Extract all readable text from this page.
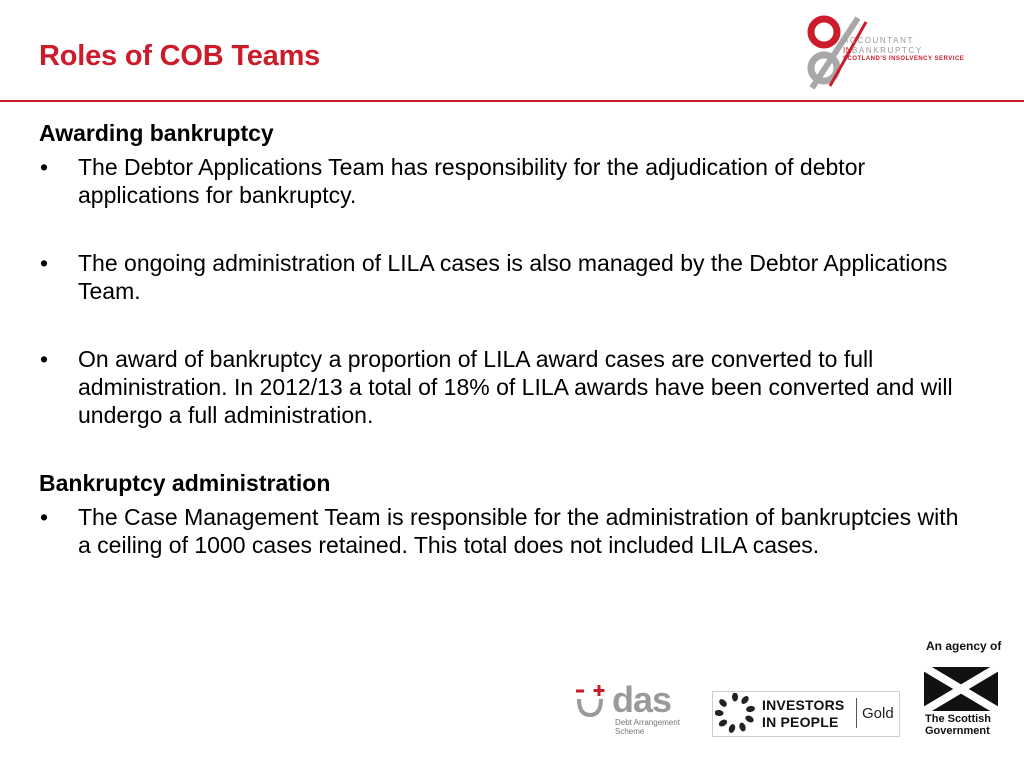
Roles of COB Teams	ACCOUNTANT
INBANKRUPTCY
SCOTLAND'S INSOLVENCY SERVICE

Awarding bankruptcy

• The Debtor Applications Team has responsibility for the adjudication of debtor applications for bankruptcy.
• The ongoing administration of LILA cases is also managed by the Debtor Applications Team.
• On award of bankruptcy a proportion of LILA award cases are converted to full administration. In 2012/13 a total of 18% of LILA awards have been converted and will undergo a full administration.

Bankruptcy administration

• The Case Management Team is responsible for the administration of bankruptcies with a ceiling of 1000 cases retained. This total does not included LILA cases.
das
Debt Arrangement
Scheme
INVESTORS
IN PEOPLE	Gold
An agency of
The Scottish
Government
